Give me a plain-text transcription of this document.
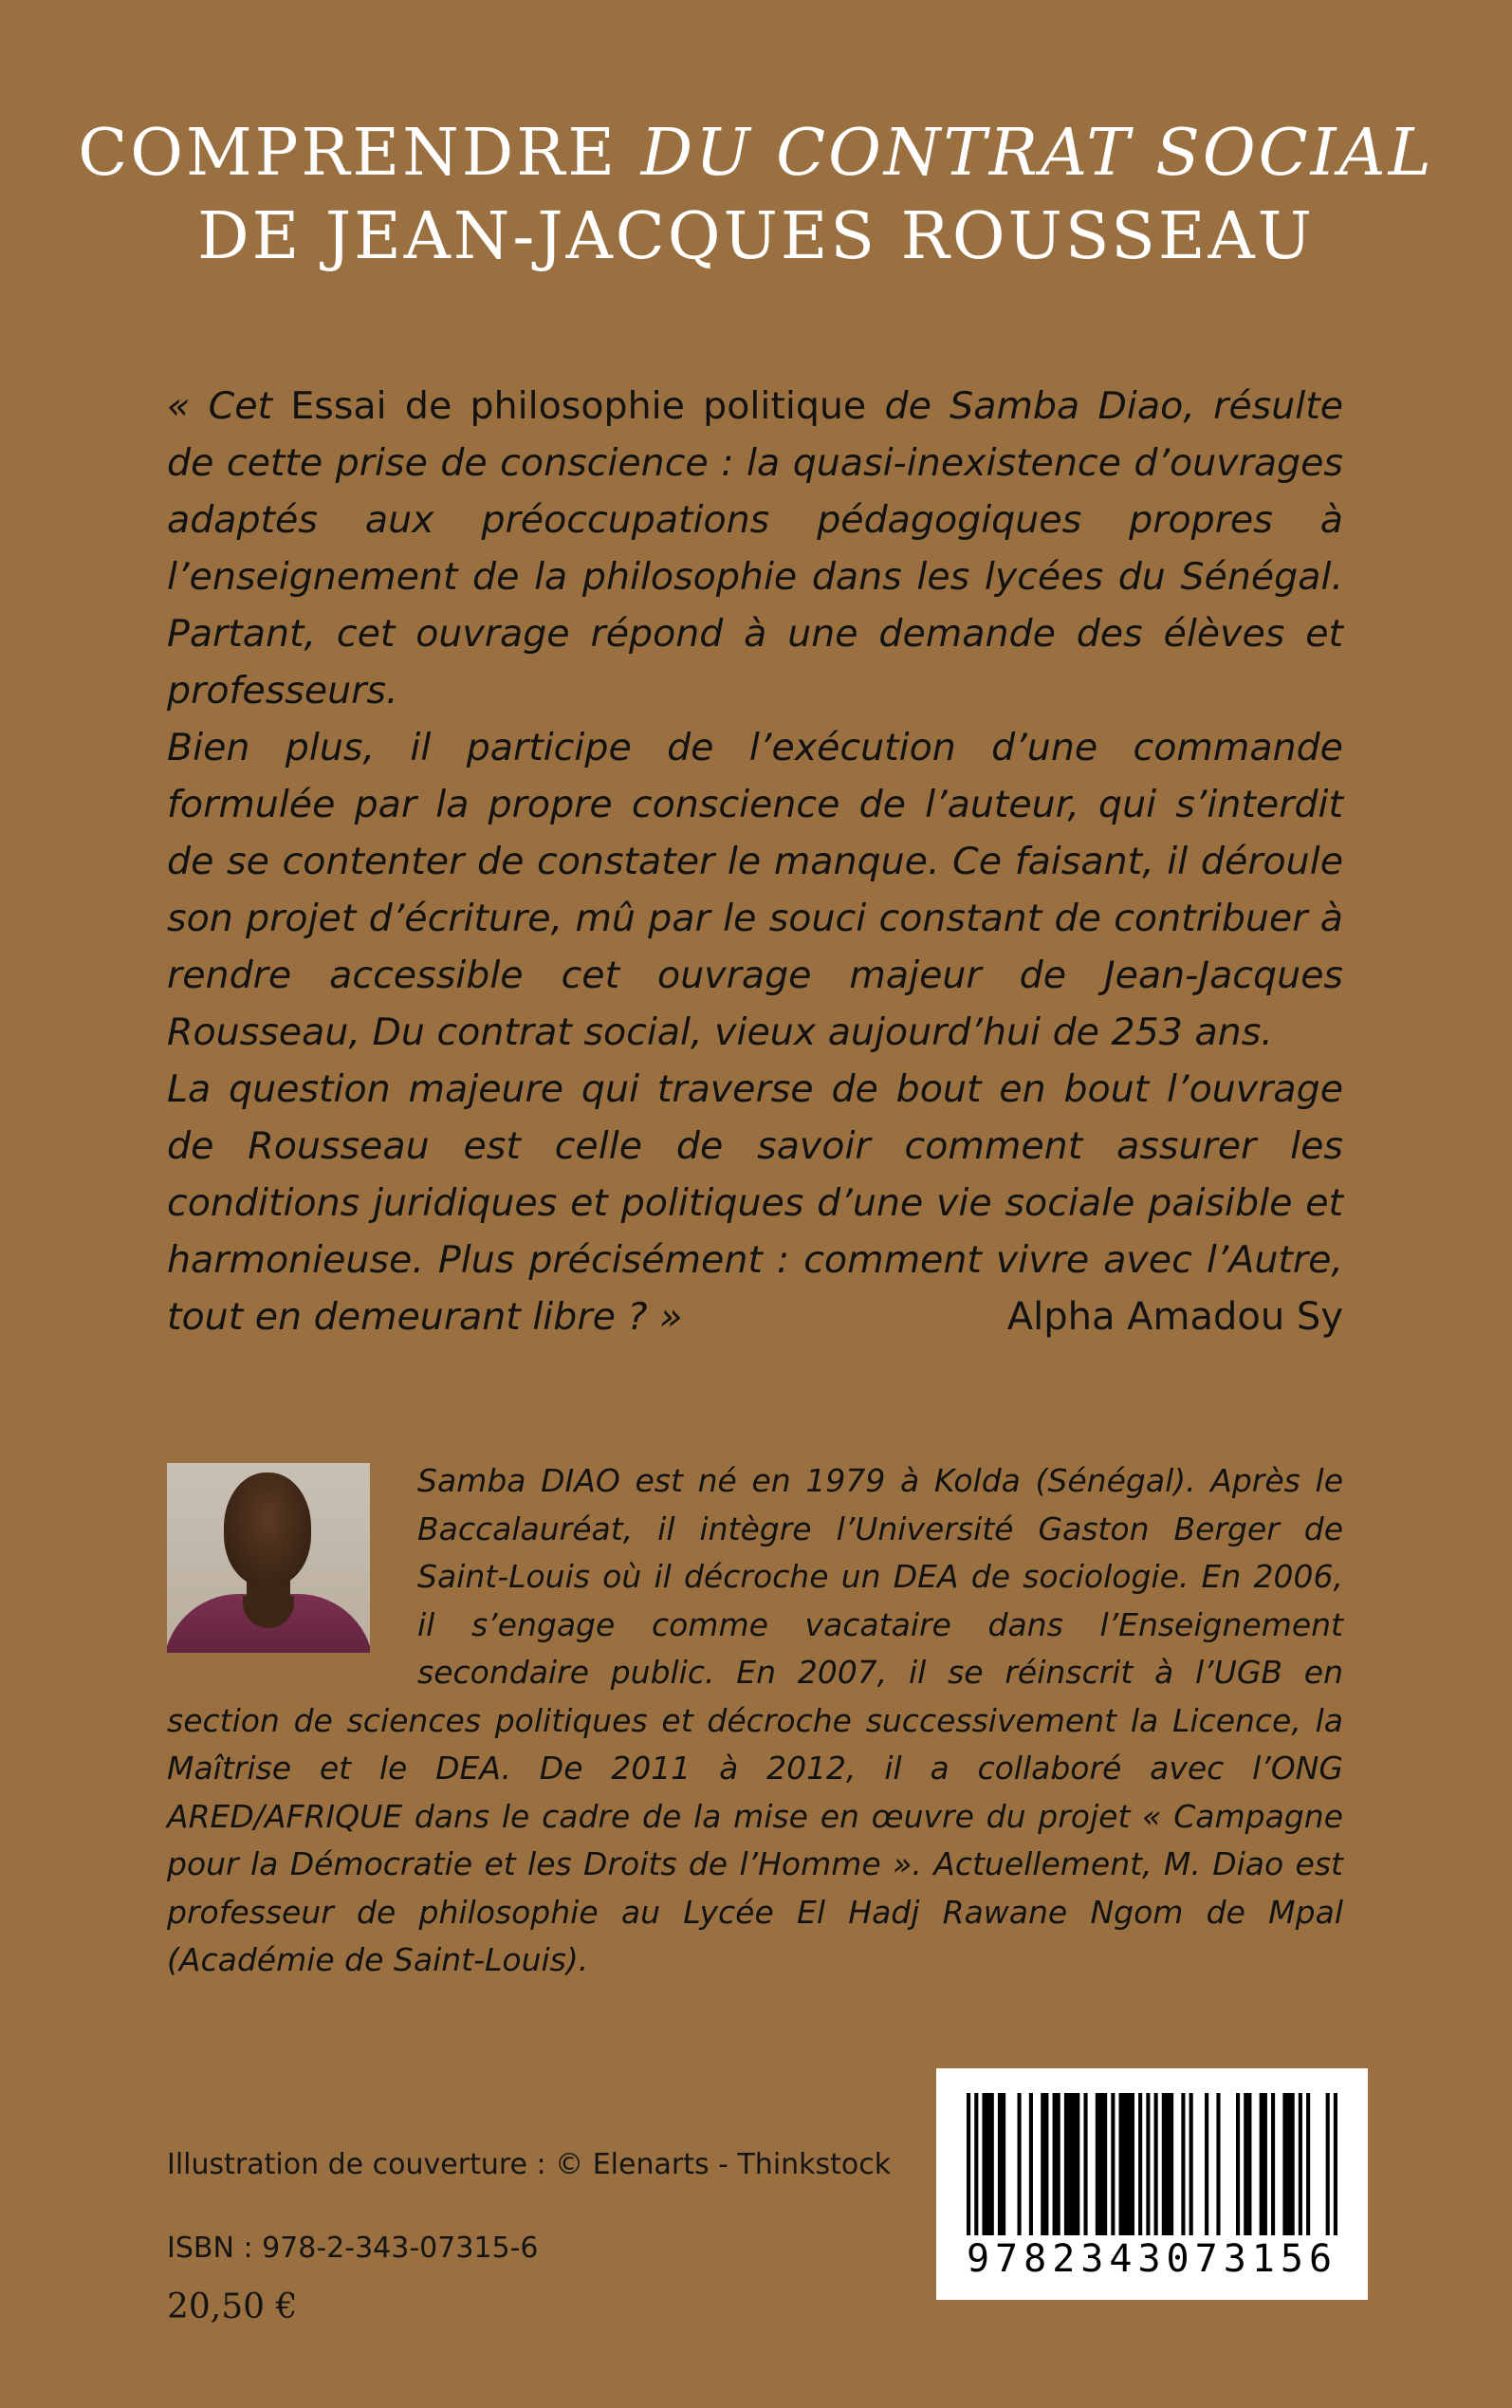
COMPRENDRE DU CONTRAT SOCIAL
DE JEAN-JACQUES ROUSSEAU

« Cet Essai de philosophie politique de Samba Diao, résulte de cette prise de conscience : la quasi-inexistence d’ouvrages adaptés aux préoccupations pédagogiques propres à l’enseignement de la philosophie dans les lycées du Sénégal. Partant, cet ouvrage répond à une demande des élèves et professeurs.

Bien plus, il participe de l’exécution d’une commande formulée par la propre conscience de l’auteur, qui s’interdit de se contenter de constater le manque. Ce faisant, il déroule son projet d’écriture, mû par le souci constant de contribuer à rendre accessible cet ouvrage majeur de Jean-Jacques Rousseau, Du contrat social, vieux aujourd’hui de 253 ans.

La question majeure qui traverse de bout en bout l’ouvrage de Rousseau est celle de savoir comment assurer les conditions juridiques et politiques d’une vie sociale paisible et harmonieuse. Plus précisément : comment vivre avec l’Autre, tout en demeurant libre ? »	Alpha Amadou Sy

Samba DIAO est né en 1979 à Kolda (Sénégal). Après le Baccalauréat, il intègre l’Université Gaston Berger de Saint-Louis où il décroche un DEA de sociologie. En 2006, il s’engage comme vacataire dans l’Enseignement secondaire public. En 2007, il se réinscrit à l’UGB en section de sciences politiques et décroche successivement la Licence, la Maîtrise et le DEA. De 2011 à 2012, il a collaboré avec l’ONG ARED/AFRIQUE dans le cadre de la mise en œuvre du projet « Campagne pour la Démocratie et les Droits de l’Homme ». Actuellement, M. Diao est professeur de philosophie au Lycée El Hadj Rawane Ngom de Mpal (Académie de Saint-Louis).

Illustration de couverture : © Elenarts - Thinkstock
ISBN : 978-2-343-07315-6
20,50 €
9782343073156
